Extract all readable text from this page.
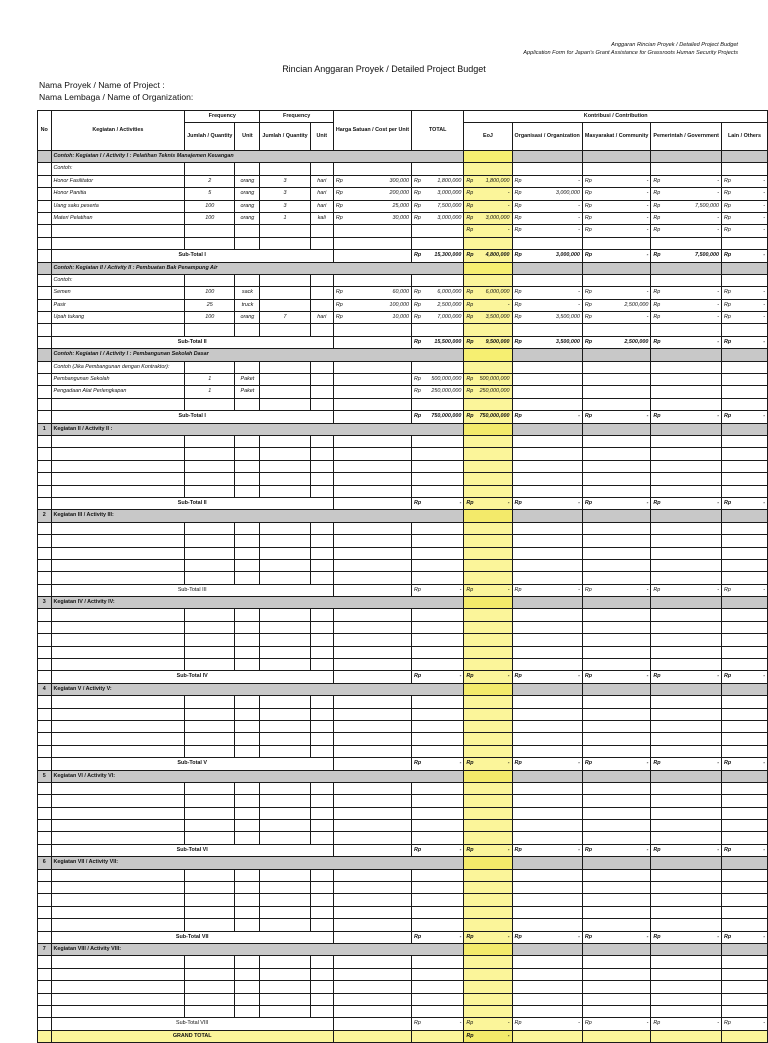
Anggaran Rincian Proyek / Detailed Project Budget
Application Form for Japan's Grant Assistance for Grassroots Human Security Projects
Rincian Anggaran Proyek / Detailed Project Budget
Nama Proyek / Name of Project :
Nama Lembaga / Name of Organization:
No	Kegiatan / Activities	Frequency		Frequency		Harga Satuan / Cost per Unit	TOTAL	Kontribusi / Contribution				
		Jumlah / Quantity	Unit	Jumlah / Quantity	Unit			EoJ	Organisasi / Organization	Masyarakat / Community	Pemerintah / Government	Lain / Others
	Contoh: Kegiatan I / Activity I : Pelatihan Teknis Manajemen Keuangan											
	Contoh:											
	Honor Fasilitator	2	orang	3	hari	Rp 300,000	Rp 1,800,000	Rp 1,800,000	Rp -	Rp -	Rp -	Rp -

	Honor Panitia	5	orang	3	hari	Rp 200,000	Rp 3,000,000	Rp -	Rp 3,000,000	Rp -	Rp -	Rp -

	Uang saku peserta	100	orang	3	hari	Rp 25,000	Rp 7,500,000	Rp -	Rp -	Rp -	Rp 7,500,000	Rp -

	Materi Pelatihan	100	orang	1	kali	Rp 30,000	Rp 3,000,000	Rp 3,000,000	Rp -	Rp -	Rp -	Rp -

								Rp -	Rp -	Rp -	Rp -	Rp -

	Sub-Total I						Rp 15,300,000	Rp 4,800,000	Rp 3,000,000	Rp -	Rp 7,500,000	Rp -

	Contoh: Kegiatan II / Activity II : Pembuatan Bak Penampung Air											
	Contoh:											
	Semen	100	sack			Rp 60,000	Rp 6,000,000	Rp 6,000,000	Rp -	Rp -	Rp -	Rp -

	Pasir	25	truck			Rp 100,000	Rp 2,500,000	Rp -	Rp -	Rp 2,500,000	Rp -	Rp -

	Upah tukang	100	orang	7	hari	Rp 10,000	Rp 7,000,000	Rp 3,500,000	Rp 3,500,000	Rp -	Rp -	Rp -

	Sub-Total II						Rp 15,500,000	Rp 9,500,000	Rp 3,500,000	Rp 2,500,000	Rp -	Rp -

	Contoh: Kegiatan I / Activity I : Pembangunan Sekolah Dasar											
	Contoh (Jika Pembangunan dengan Kontraktor):											
	Pembangunan Sekolah	1	Paket				Rp 500,000,000	Rp 500,000,000				

	Pengadaan Alat Perlengkapan	1	Paket				Rp 250,000,000	Rp 250,000,000				

	Sub-Total I						Rp 750,000,000	Rp 750,000,000	Rp -	Rp -	Rp -	Rp -

1	Kegiatan II / Activity II :											

	Sub-Total II						Rp -	Rp -	Rp -	Rp -	Rp -	Rp -

2	Kegiatan III / Activity III:											

	Sub-Total III						Rp -	Rp -	Rp -	Rp -	Rp -	Rp -

3	Kegiatan IV / Activity IV:											

	Sub-Total IV						Rp -	Rp -	Rp -	Rp -	Rp -	Rp -

4	Kegiatan V / Activity V:											

	Sub-Total V						Rp -	Rp -	Rp -	Rp -	Rp -	Rp -

5	Kegiatan VI / Activity VI:											

	Sub-Total VI						Rp -	Rp -	Rp -	Rp -	Rp -	Rp -

6	Kegiatan VII / Activity VII:											

	Sub-Total VII						Rp -	Rp -	Rp -	Rp -	Rp -	Rp -

7	Kegiatan VIII / Activity VIII:											

	Sub-Total VIII						Rp -	Rp -	Rp -	Rp -	Rp -	Rp -

	GRAND TOTAL							Rp -				
